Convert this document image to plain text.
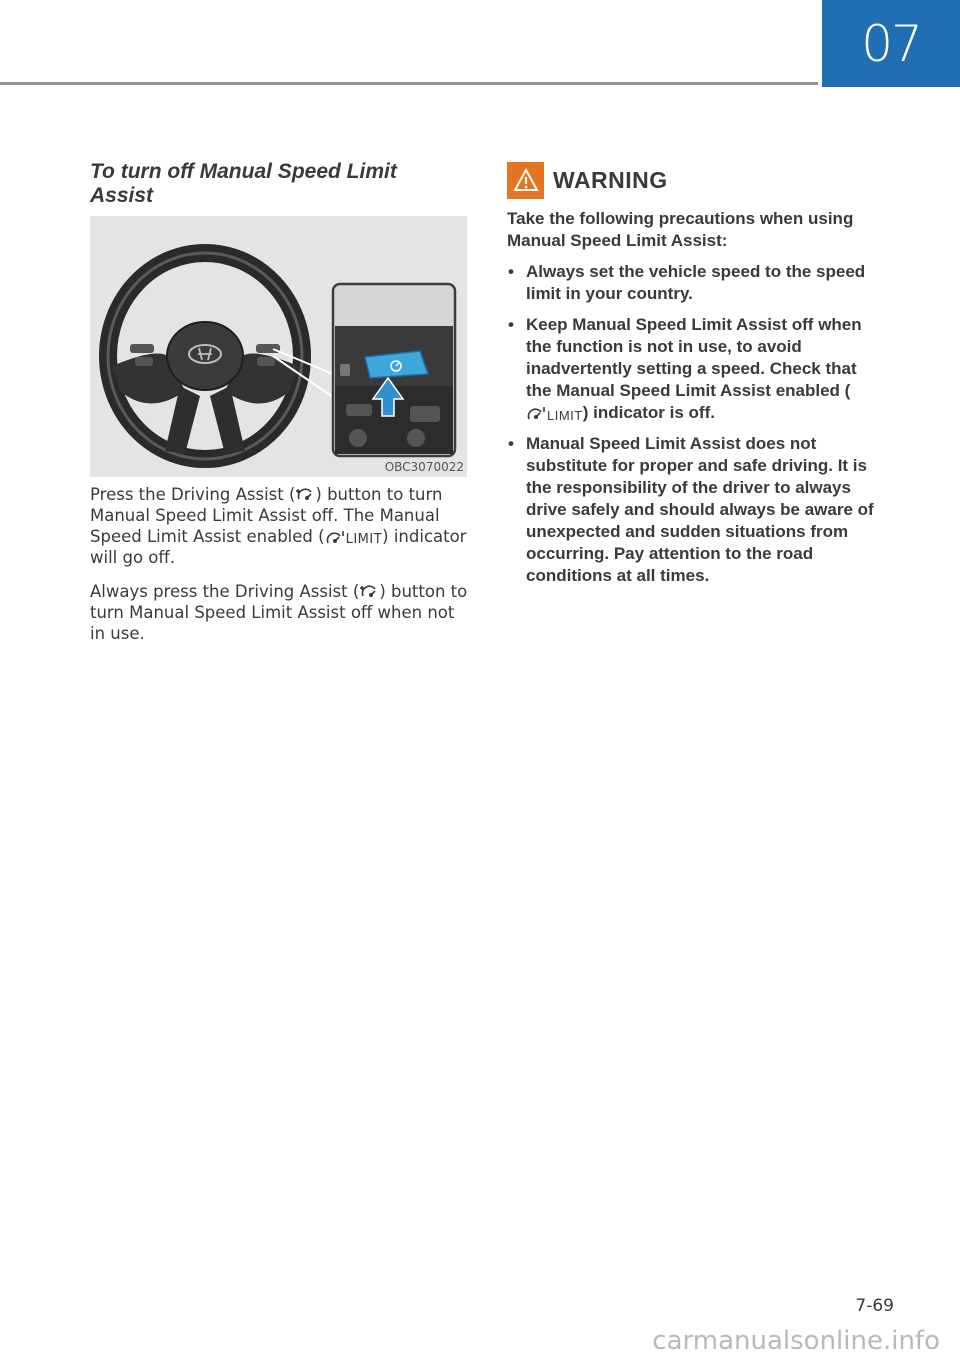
07
To turn off Manual Speed Limit Assist
OBC3070022

Press the Driving Assist ( ) button to turn Manual Speed Limit Assist off. The Manual Speed Limit Assist enabled ( LIMIT ) indicator will go off.

Always press the Driving Assist ( ) button to turn Manual Speed Limit Assist off when not in use.

WARNING

Take the following precautions when using Manual Speed Limit Assist:

• Always set the vehicle speed to the speed limit in your country.
• Keep Manual Speed Limit Assist off when the function is not in use, to avoid inadvertently setting a speed. Check that the Manual Speed Limit Assist enabled (
LIMIT ) indicator is off.
• Manual Speed Limit Assist does not substitute for proper and safe driving. It is the responsibility of the driver to always drive safely and should always be aware of unexpected and sudden situations from occurring. Pay attention to the road conditions at all times.
7-69
carmanualsonline.info
